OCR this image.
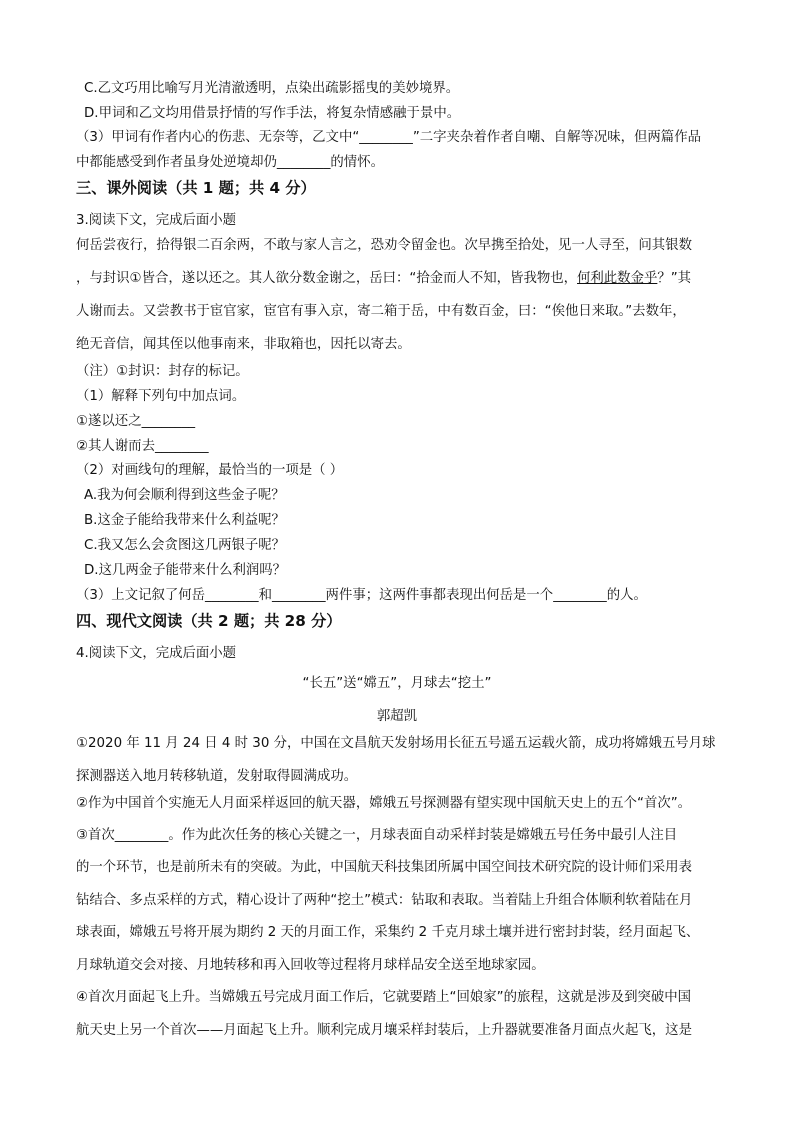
C.乙文巧用比喻写月光清澈透明，点染出疏影摇曳的美妙境界。
D.甲词和乙文均用借景抒情的写作手法，将复杂情感融于景中。
（3）甲词有作者内心的伤悲、无奈等，乙文中“________”二字夹杂着作者自嘲、自解等况味，但两篇作品
中都能感受到作者虽身处逆境却仍________的情怀。
三、课外阅读（共 1 题；共 4 分）
3.阅读下文，完成后面小题
何岳尝夜行，拾得银二百余两，不敢与家人言之，恐劝令留金也。次早携至拾处，见一人寻至，问其银数
，与封识①皆合，遂以还之。其人欲分数金谢之，岳曰：“拾金而人不知，皆我物也，何利此数金乎？”其
人谢而去。又尝教书于宦官家，宦官有事入京，寄二箱于岳，中有数百金，曰：“俟他日来取。”去数年，
绝无音信，闻其侄以他事南来，非取箱也，因托以寄去。
（注）①封识：封存的标记。
（1）解释下列句中加点词。
①遂以还之________
②其人谢而去________
（2）对画线句的理解，最恰当的一项是（ ）
A.我为何会顺利得到这些金子呢？
B.这金子能给我带来什么利益呢？
C.我又怎么会贪图这几两银子呢？
D.这几两金子能带来什么利润吗？
（3）上文记叙了何岳________和________两件事；这两件事都表现出何岳是一个________的人。
四、现代文阅读（共 2 题；共 28 分）
4.阅读下文，完成后面小题
“长五”送“嫦五”，月球去“挖土”
郭超凯
①2020 年 11 月 24 日 4 时 30 分，中国在文昌航天发射场用长征五号遥五运载火箭，成功将嫦娥五号月球
探测器送入地月转移轨道，发射取得圆满成功。
②作为中国首个实施无人月面采样返回的航天器，嫦娥五号探测器有望实现中国航天史上的五个“首次”。
③首次________。作为此次任务的核心关键之一，月球表面自动采样封装是嫦娥五号任务中最引人注目
的一个环节，也是前所未有的突破。为此，中国航天科技集团所属中国空间技术研究院的设计师们采用表
钻结合、多点采样的方式，精心设计了两种“挖土”模式：钻取和表取。当着陆上升组合体顺利软着陆在月
球表面，嫦娥五号将开展为期约 2 天的月面工作，采集约 2 千克月球土壤并进行密封封装，经月面起飞、
月球轨道交会对接、月地转移和再入回收等过程将月球样品安全送至地球家园。
④首次月面起飞上升。当嫦娥五号完成月面工作后，它就要踏上“回娘家”的旅程，这就是涉及到突破中国
航天史上另一个首次——月面起飞上升。顺利完成月壤采样封装后，上升器就要准备月面点火起飞，这是
